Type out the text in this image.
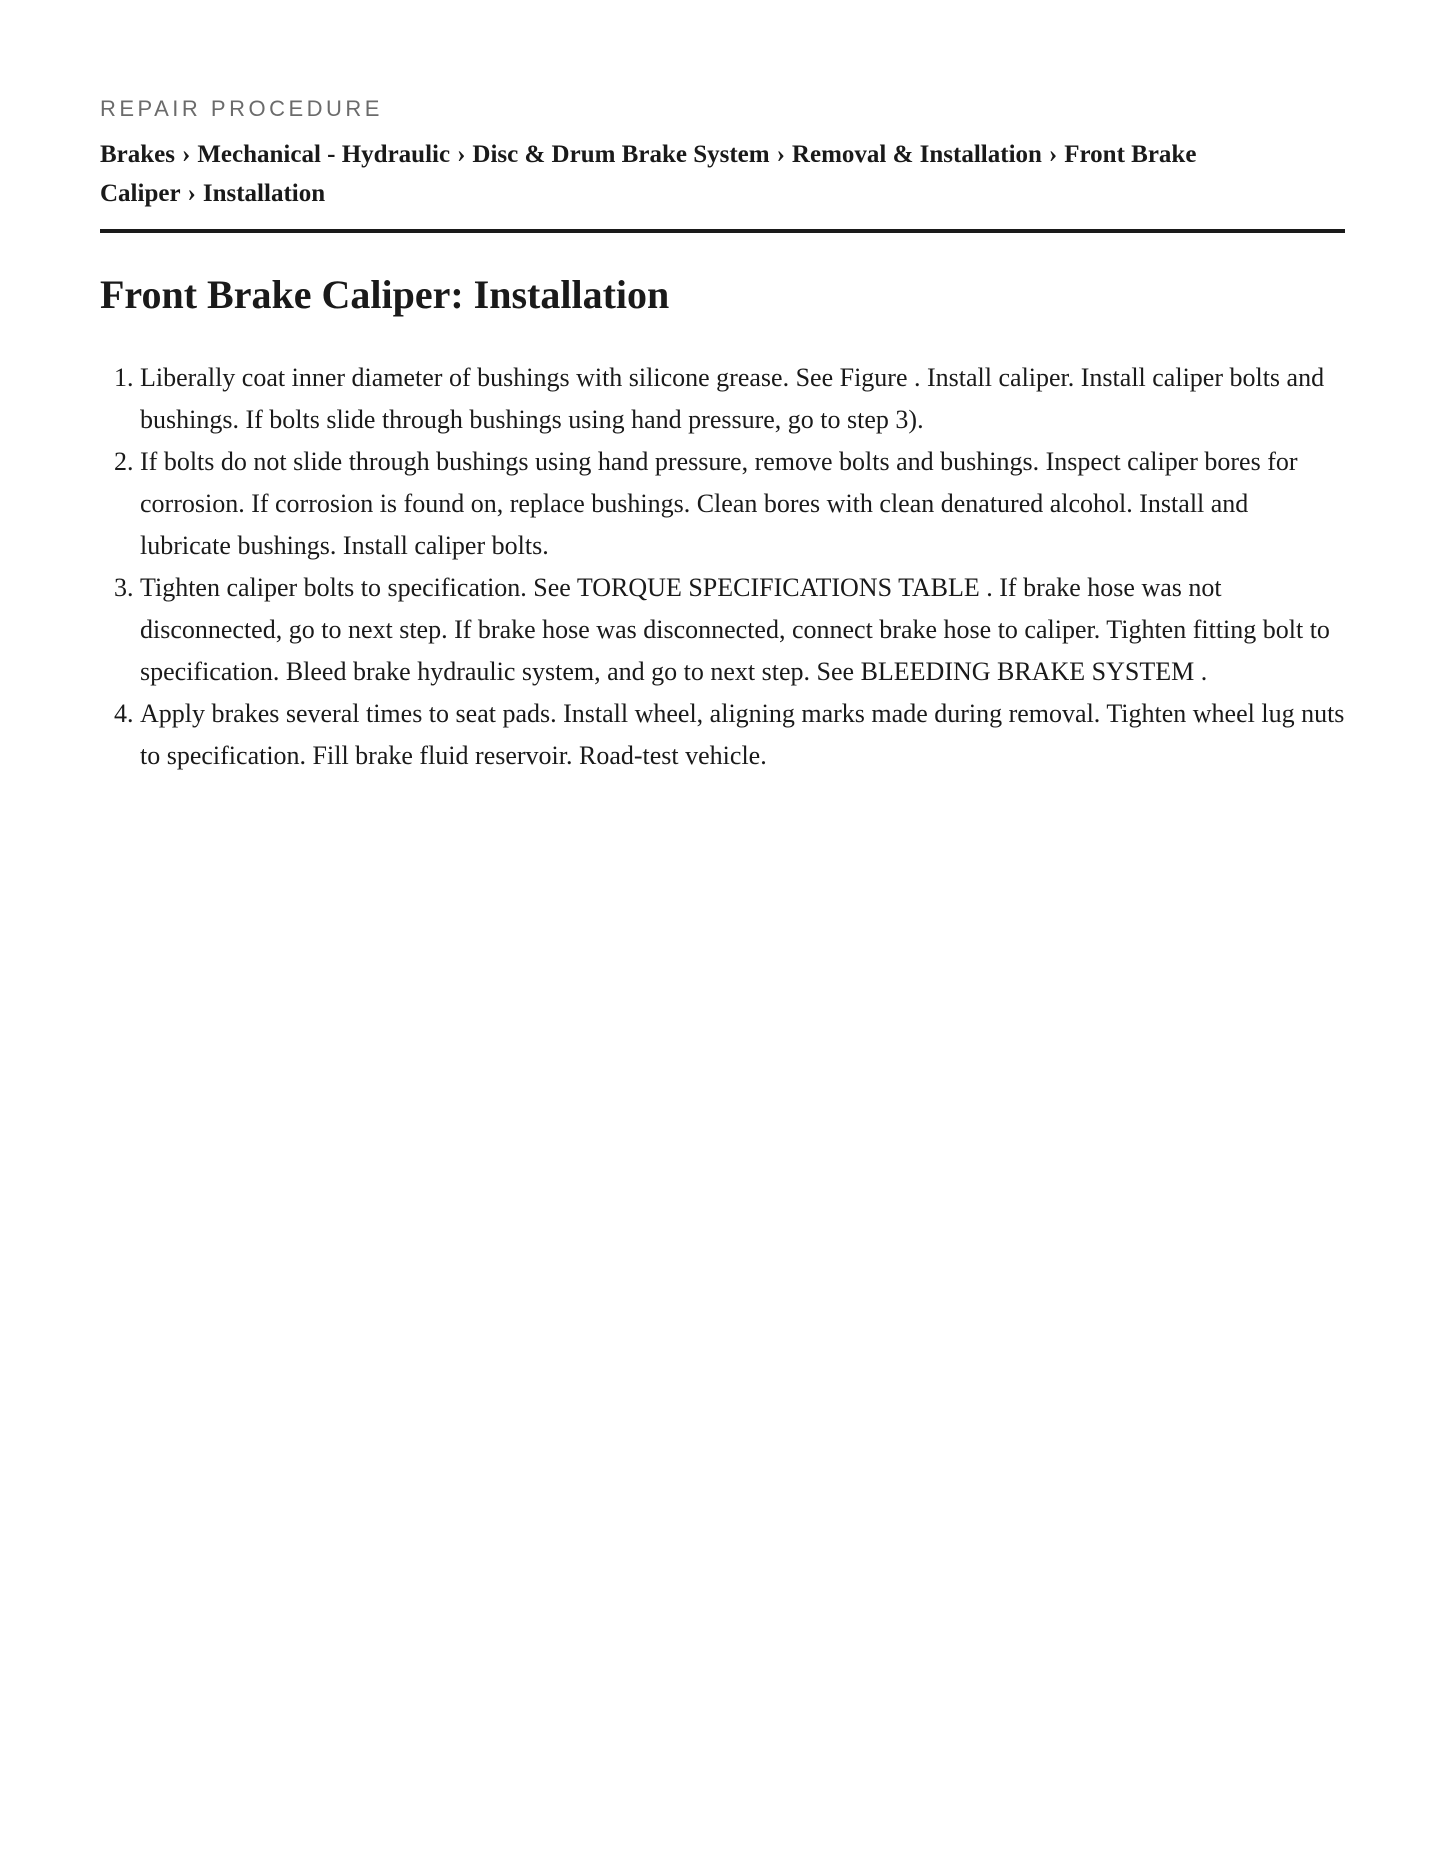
REPAIR PROCEDURE
Brakes › Mechanical - Hydraulic › Disc & Drum Brake System › Removal & Installation › Front Brake Caliper › Installation
Front Brake Caliper: Installation
1. Liberally coat inner diameter of bushings with silicone grease. See Figure . Install caliper. Install caliper bolts and bushings. If bolts slide through bushings using hand pressure, go to step 3).
2. If bolts do not slide through bushings using hand pressure, remove bolts and bushings. Inspect caliper bores for corrosion. If corrosion is found on, replace bushings. Clean bores with clean denatured alcohol. Install and lubricate bushings. Install caliper bolts.
3. Tighten caliper bolts to specification. See TORQUE SPECIFICATIONS TABLE . If brake hose was not disconnected, go to next step. If brake hose was disconnected, connect brake hose to caliper. Tighten fitting bolt to specification. Bleed brake hydraulic system, and go to next step. See BLEEDING BRAKE SYSTEM .
4. Apply brakes several times to seat pads. Install wheel, aligning marks made during removal. Tighten wheel lug nuts to specification. Fill brake fluid reservoir. Road-test vehicle.
